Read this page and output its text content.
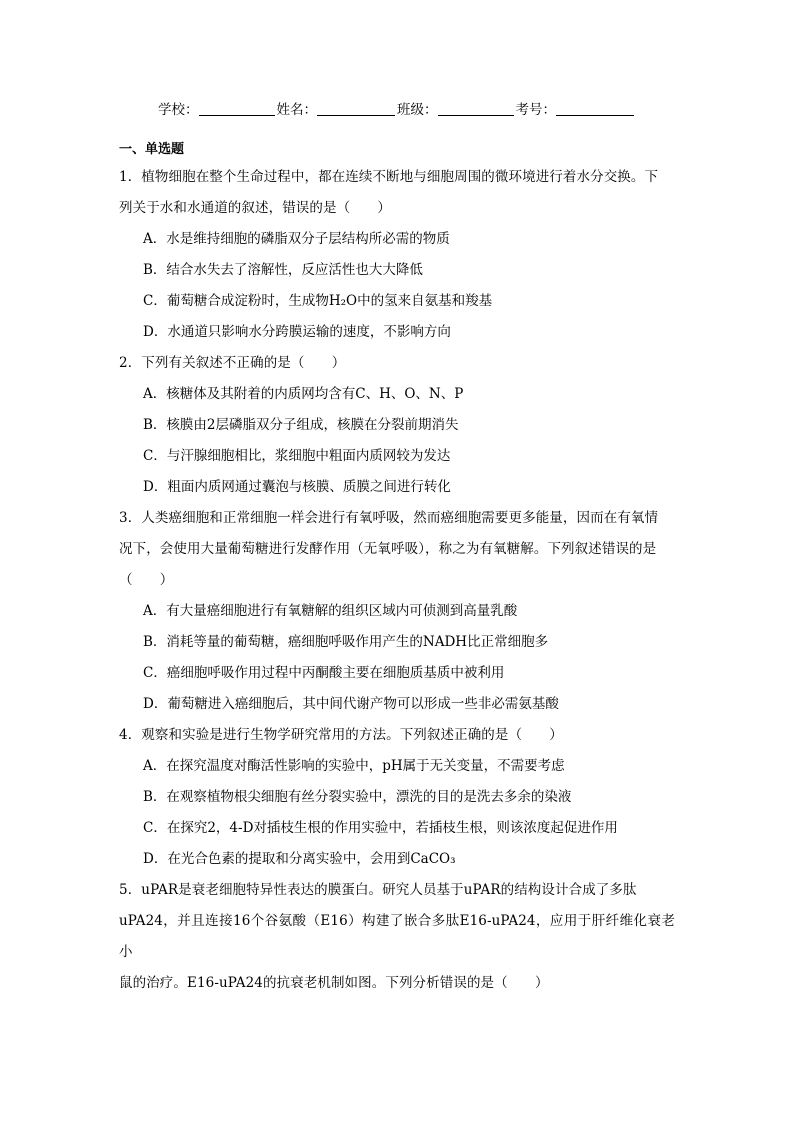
学校：	姓名：	班级：	考号：
一、单选题
1．植物细胞在整个生命过程中，都在连续不断地与细胞周围的微环境进行着水分交换。下
列关于水和水通道的叙述，错误的是（　　）
A．水是维持细胞的磷脂双分子层结构所必需的物质
B．结合水失去了溶解性，反应活性也大大降低
C．葡萄糖合成淀粉时，生成物H₂O中的氢来自氨基和羧基
D．水通道只影响水分跨膜运输的速度，不影响方向
2．下列有关叙述不正确的是（　　）
A．核糖体及其附着的内质网均含有C、H、O、N、P
B．核膜由2层磷脂双分子组成，核膜在分裂前期消失
C．与汗腺细胞相比，浆细胞中粗面内质网较为发达
D．粗面内质网通过囊泡与核膜、质膜之间进行转化
3．人类癌细胞和正常细胞一样会进行有氧呼吸，然而癌细胞需要更多能量，因而在有氧情
况下，会使用大量葡萄糖进行发酵作用（无氧呼吸），称之为有氧糖解。下列叙述错误的是
（　　）
A．有大量癌细胞进行有氧糖解的组织区域内可侦测到高量乳酸
B．消耗等量的葡萄糖，癌细胞呼吸作用产生的NADH比正常细胞多
C．癌细胞呼吸作用过程中丙酮酸主要在细胞质基质中被利用
D．葡萄糖进入癌细胞后，其中间代谢产物可以形成一些非必需氨基酸
4．观察和实验是进行生物学研究常用的方法。下列叙述正确的是（　　）
A．在探究温度对酶活性影响的实验中，pH属于无关变量，不需要考虑
B．在观察植物根尖细胞有丝分裂实验中，漂洗的目的是洗去多余的染液
C．在探究2，4-D对插枝生根的作用实验中，若插枝生根，则该浓度起促进作用
D．在光合色素的提取和分离实验中，会用到CaCO₃
5．uPAR是衰老细胞特异性表达的膜蛋白。研究人员基于uPAR的结构设计合成了多肽
uPA24，并且连接16个谷氨酸（E16）构建了嵌合多肽E16-uPA24，应用于肝纤维化衰老小
鼠的治疗。E16-uPA24的抗衰老机制如图。下列分析错误的是（　　）
